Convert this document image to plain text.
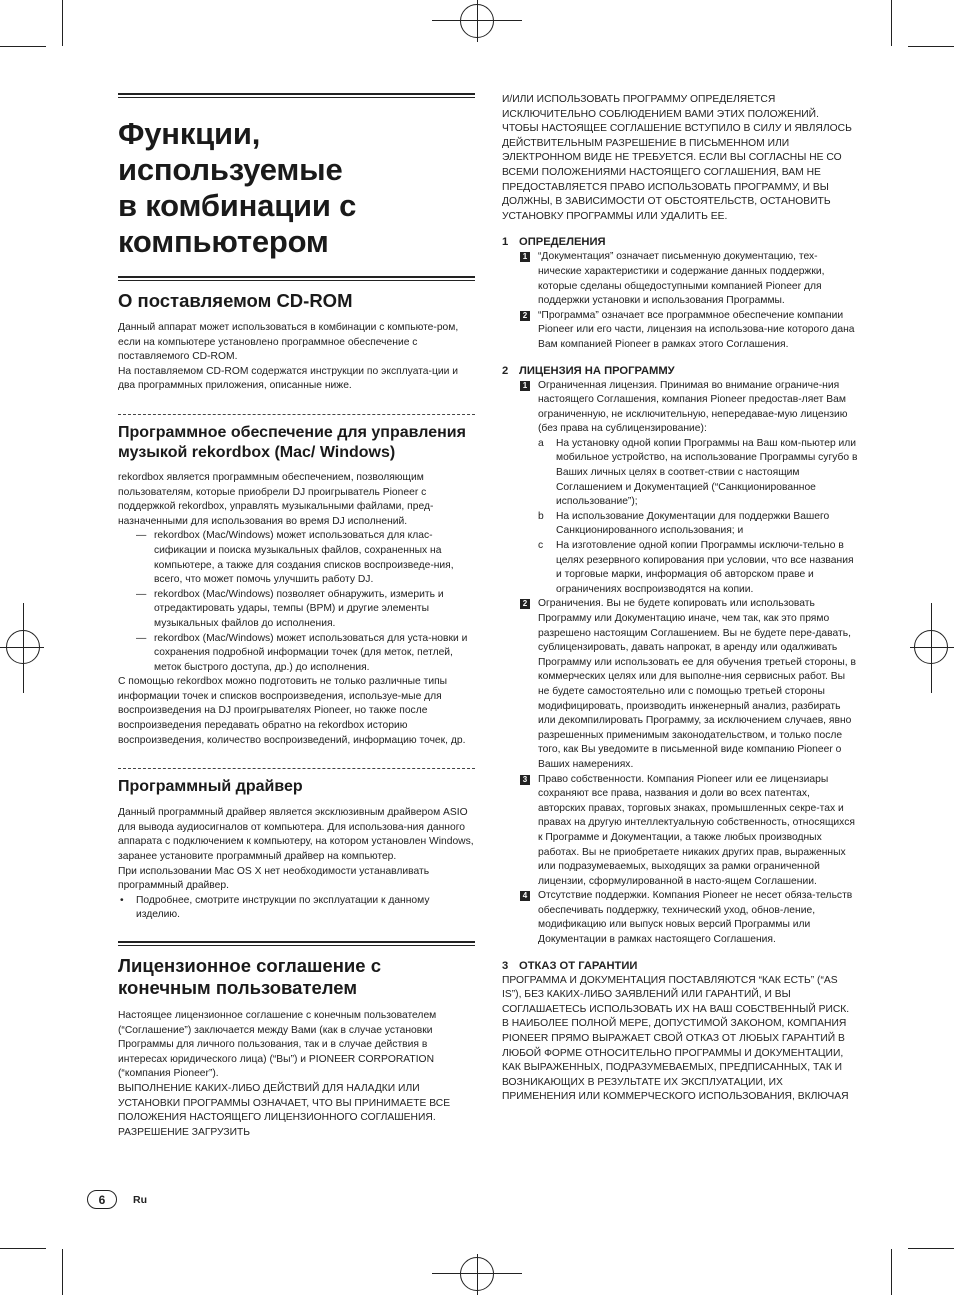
Функции,
используемые
в комбинации с
компьютером
О поставляемом CD-ROM

Данный аппарат может использоваться в комбинации с компьюте-ром, если на компьютере установлено программное обеспечение с поставляемого CD-ROM.

На поставляемом CD-ROM содержатся инструкции по эксплуата-ции и два программных приложения, описанные ниже.

Программное обеспечение для управления музыкой rekordbox (Mac/ Windows)

rekordbox является программным обеспечением, позволяющим пользователям, которые приобрели DJ проигрыватель Pioneer с поддержкой rekordbox, управлять музыкальными файлами, пред-назначенными для использования во время DJ исполнений.

— rekordbox (Mac/Windows) может использоваться для клас-сификации и поиска музыкальных файлов, сохраненных на компьютере, а также для создания списков воспроизведе-ния, всего, что может помочь улучшить работу DJ.
— rekordbox (Mac/Windows) позволяет обнаружить, измерить и отредактировать удары, темпы (BPM) и другие элементы музыкальных файлов до исполнения.
— rekordbox (Mac/Windows) может использоваться для уста-новки и сохранения подробной информации точек (для меток, петлей, меток быстрого доступа, др.) до исполнения.

С помощью rekordbox можно подготовить не только различные типы информации точек и списков воспроизведения, используе-мые для воспроизведения на DJ проигрывателях Pioneer, но также после воспроизведения передавать обратно на rekordbox историю воспроизведения, количество воспроизведений, информацию точек, др.

Программный драйвер

Данный программный драйвер является эксклюзивным драйвером ASIO для вывода аудиосигналов от компьютера. Для использова-ния данного аппарата с подключением к компьютеру, на котором установлен Windows, заранее установите программный драйвер на компьютер.

При использовании Mac OS X нет необходимости устанавливать программный драйвер.

• Подробнее, смотрите инструкции по эксплуатации к данному изделию.
Лицензионное соглашение с конечным пользователем

Настоящее лицензионное соглашение с конечным пользователем (“Соглашение”) заключается между Вами (как в случае установки Программы для личного пользования, так и в случае действия в интересах юридического лица) (“Вы”) и PIONEER CORPORATION (“компания Pioneer”).

ВЫПОЛНЕНИЕ КАКИХ-ЛИБО ДЕЙСТВИЙ ДЛЯ НАЛАДКИ ИЛИ УСТАНОВКИ ПРОГРАММЫ ОЗНАЧАЕТ, ЧТО ВЫ ПРИНИМАЕТЕ ВСЕ ПОЛОЖЕНИЯ НАСТОЯЩЕГО ЛИЦЕНЗИОННОГО СОГЛАШЕНИЯ. РАЗРЕШЕНИЕ ЗАГРУЗИТЬ

И/ИЛИ ИСПОЛЬЗОВАТЬ ПРОГРАММУ ОПРЕДЕЛЯЕТСЯ ИСКЛЮЧИТЕЛЬНО СОБЛЮДЕНИЕМ ВАМИ ЭТИХ ПОЛОЖЕНИЙ. ЧТОБЫ НАСТОЯЩЕЕ СОГЛАШЕНИЕ ВСТУПИЛО В СИЛУ И ЯВЛЯЛОСЬ ДЕЙСТВИТЕЛЬНЫМ РАЗРЕШЕНИЕ В ПИСЬМЕННОМ ИЛИ ЭЛЕКТРОННОМ ВИДЕ НЕ ТРЕБУЕТСЯ. ЕСЛИ ВЫ СОГЛАСНЫ НЕ СО ВСЕМИ ПОЛОЖЕНИЯМИ НАСТОЯЩЕГО СОГЛАШЕНИЯ, ВАМ НЕ ПРЕДОСТАВЛЯЕТСЯ ПРАВО ИСПОЛЬЗОВАТЬ ПРОГРАММУ, И ВЫ ДОЛЖНЫ, В ЗАВИСИМОСТИ ОТ ОБСТОЯТЕЛЬСТВ, ОСТАНОВИТЬ УСТАНОВКУ ПРОГРАММЫ ИЛИ УДАЛИТЬ ЕЕ.

1 ОПРЕДЕЛЕНИЯ
1 “Документация” означает письменную документацию, тех-нические характеристики и содержание данных поддержки, которые сделаны общедоступными компанией Pioneer для поддержки установки и использования Программы.
2 “Программа” означает все программное обеспечение компании Pioneer или его части, лицензия на использова-ние которого дана Вам компанией Pioneer в рамках этого Соглашения.
2 ЛИЦЕНЗИЯ НА ПРОГРАММУ
1 Ограниченная лицензия. Принимая во внимание ограниче-ния настоящего Соглашения, компания Pioneer предостав-ляет Вам ограниченную, не исключительную, непередавае-мую лицензию (без права на сублицензирование):
a На установку одной копии Программы на Ваш ком-пьютер или мобильное устройство, на использование Программы сугубо в Ваших личных целях в соответ-ствии с настоящим Соглашением и Документацией (“Санкционированное использование”);
b На использование Документации для поддержки Вашего Санкционированного использования; и
c На изготовление одной копии Программы исключи-тельно в целях резервного копирования при условии, что все названия и торговые марки, информация об авторском праве и ограничениях воспроизводятся на копии.
2 Ограничения. Вы не будете копировать или использовать Программу или Документацию иначе, чем так, как это прямо разрешено настоящим Соглашением. Вы не будете пере-давать, сублицензировать, давать напрокат, в аренду или одалживать Программу или использовать ее для обучения третьей стороны, в коммерческих целях или для выполне-ния сервисных работ. Вы не будете самостоятельно или с помощью третьей стороны модифицировать, производить инженерный анализ, разбирать или декомпилировать Программу, за исключением случаев, явно разрешенных применимым законодательством, и только после того, как Вы уведомите в письменной виде компанию Pioneer о Ваших намерениях.
3 Право собственности. Компания Pioneer или ее лицензиары сохраняют все права, названия и доли во всех патентах, авторских правах, торговых знаках, промышленных секре-тах и правах на другую интеллектуальную собственность, относящихся к Программе и Документации, а также любых производных работах. Вы не приобретаете никаких других прав, выраженных или подразумеваемых, выходящих за рамки ограниченной лицензии, сформулированной в насто-ящем Соглашении.
4 Отсутствие поддержки. Компания Pioneer не несет обяза-тельств обеспечивать поддержку, технический уход, обнов-ление, модификацию или выпуск новых версий Программы или Документации в рамках настоящего Соглашения.
3 ОТКАЗ ОТ ГАРАНТИИ

ПРОГРАММА И ДОКУМЕНТАЦИЯ ПОСТАВЛЯЮТСЯ “КАК ЕСТЬ” (“AS IS”), БЕЗ КАКИХ-ЛИБО ЗАЯВЛЕНИЙ ИЛИ ГАРАНТИЙ, И ВЫ СОГЛАШАЕТЕСЬ ИСПОЛЬЗОВАТЬ ИХ НА ВАШ СОБСТВЕННЫЙ РИСК. В НАИБОЛЕЕ ПОЛНОЙ МЕРЕ, ДОПУСТИМОЙ ЗАКОНОМ, КОМПАНИЯ PIONEER ПРЯМО ВЫРАЖАЕТ СВОЙ ОТКАЗ ОТ ЛЮБЫХ ГАРАНТИЙ В ЛЮБОЙ ФОРМЕ ОТНОСИТЕЛЬНО ПРОГРАММЫ И ДОКУМЕНТАЦИИ, КАК ВЫРАЖЕННЫХ, ПОДРАЗУМЕВАЕМЫХ, ПРЕДПИСАННЫХ, ТАК И ВОЗНИКАЮЩИХ В РЕЗУЛЬТАТЕ ИХ ЭКСПЛУАТАЦИИ, ИХ ПРИМЕНЕНИЯ ИЛИ КОММЕРЧЕСКОГО ИСПОЛЬЗОВАНИЯ, ВКЛЮЧАЯ

6	Ru
